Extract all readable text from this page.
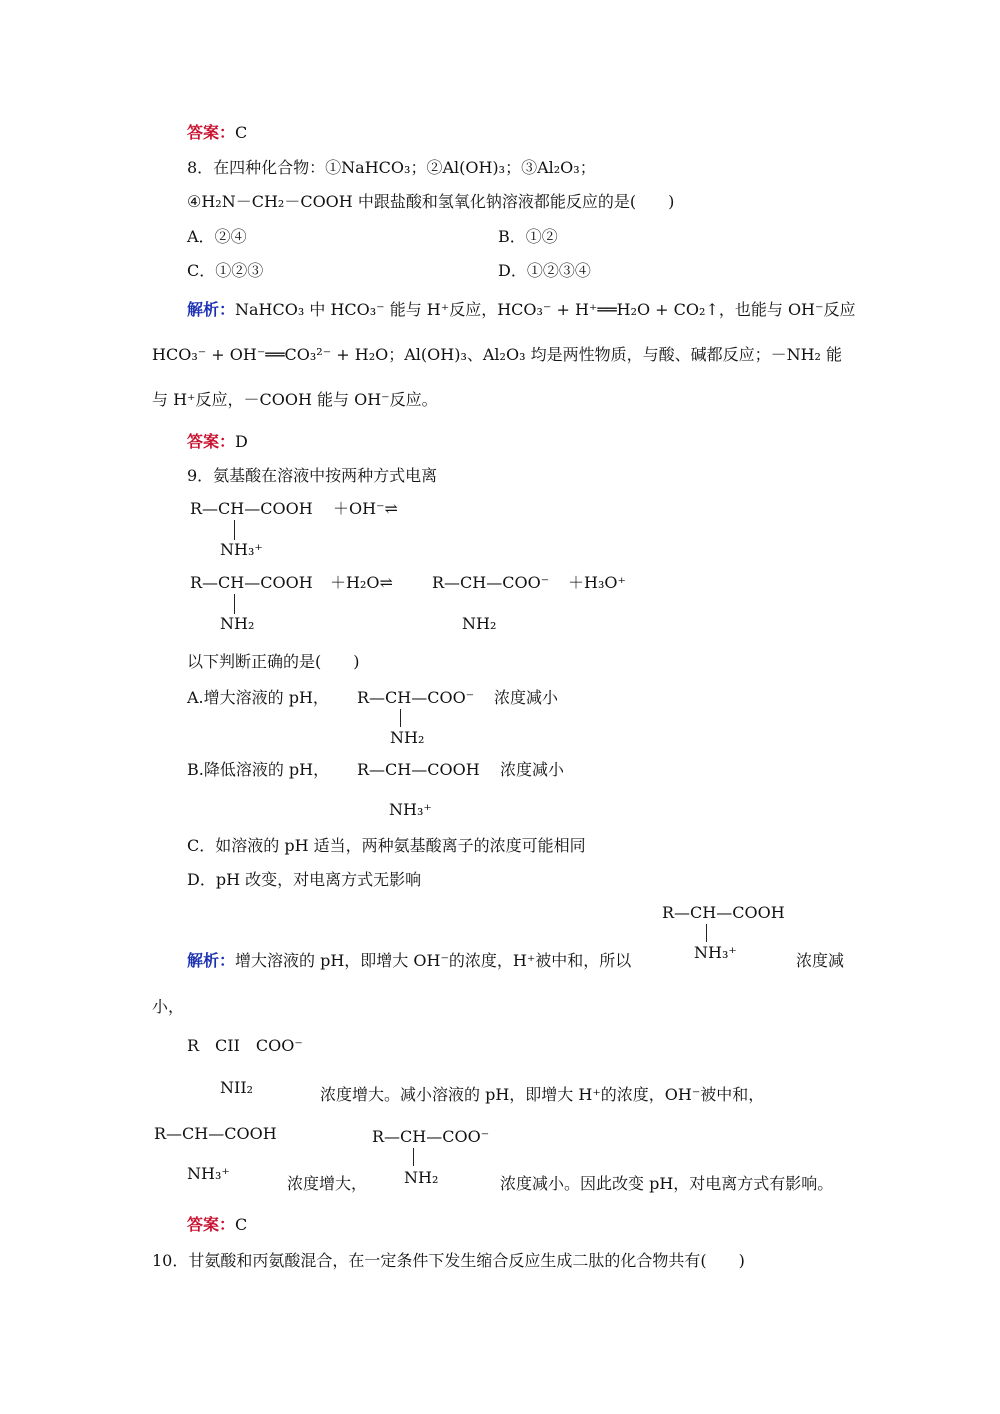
答案：C
8．在四种化合物：①NaHCO₃；②Al(OH)₃；③Al₂O₃；
④H₂N－CH₂－COOH 中跟盐酸和氢氧化钠溶液都能反应的是(　　)
A．②④	B．①②
C．①②③	D．①②③④
解析：NaHCO₃ 中 HCO₃⁻ 能与 H⁺反应，HCO₃⁻ + H⁺══H₂O + CO₂↑，也能与 OH⁻反应
HCO₃⁻ + OH⁻══CO₃²⁻ + H₂O；Al(OH)₃、Al₂O₃ 均是两性物质，与酸、碱都反应；－NH₂ 能
与 H⁺反应，－COOH 能与 OH⁻反应。
答案：D
9．氨基酸在溶液中按两种方式电离
R—CH—COOH ＋OH⁻⇌
NH₃⁺
R—CH—COOH ＋H₂O⇌ R—CH—COO⁻ ＋H₃O⁺
NH₂	NH₂
以下判断正确的是(　　)
A.增大溶液的 pH， R—CH—COO⁻ 浓度减小
NH₂
B.降低溶液的 pH， R—CH—COOH 浓度减小
NH₃⁺
C．如溶液的 pH 适当，两种氨基酸离子的浓度可能相同
D．pH 改变，对电离方式无影响
R—CH—COOH
NH₃⁺
解析：增大溶液的 pH，即增大 OH⁻的浓度，H⁺被中和，所以	浓度减
小，
R　CII　COO⁻
NII₂	浓度增大。减小溶液的 pH，即增大 H⁺的浓度，OH⁻被中和，
R—CH—COOH
NH₃⁺
R—CH—COO⁻
NH₂
浓度增大，	浓度减小。因此改变 pH，对电离方式有影响。
答案：C
10．甘氨酸和丙氨酸混合，在一定条件下发生缩合反应生成二肽的化合物共有(　　)
